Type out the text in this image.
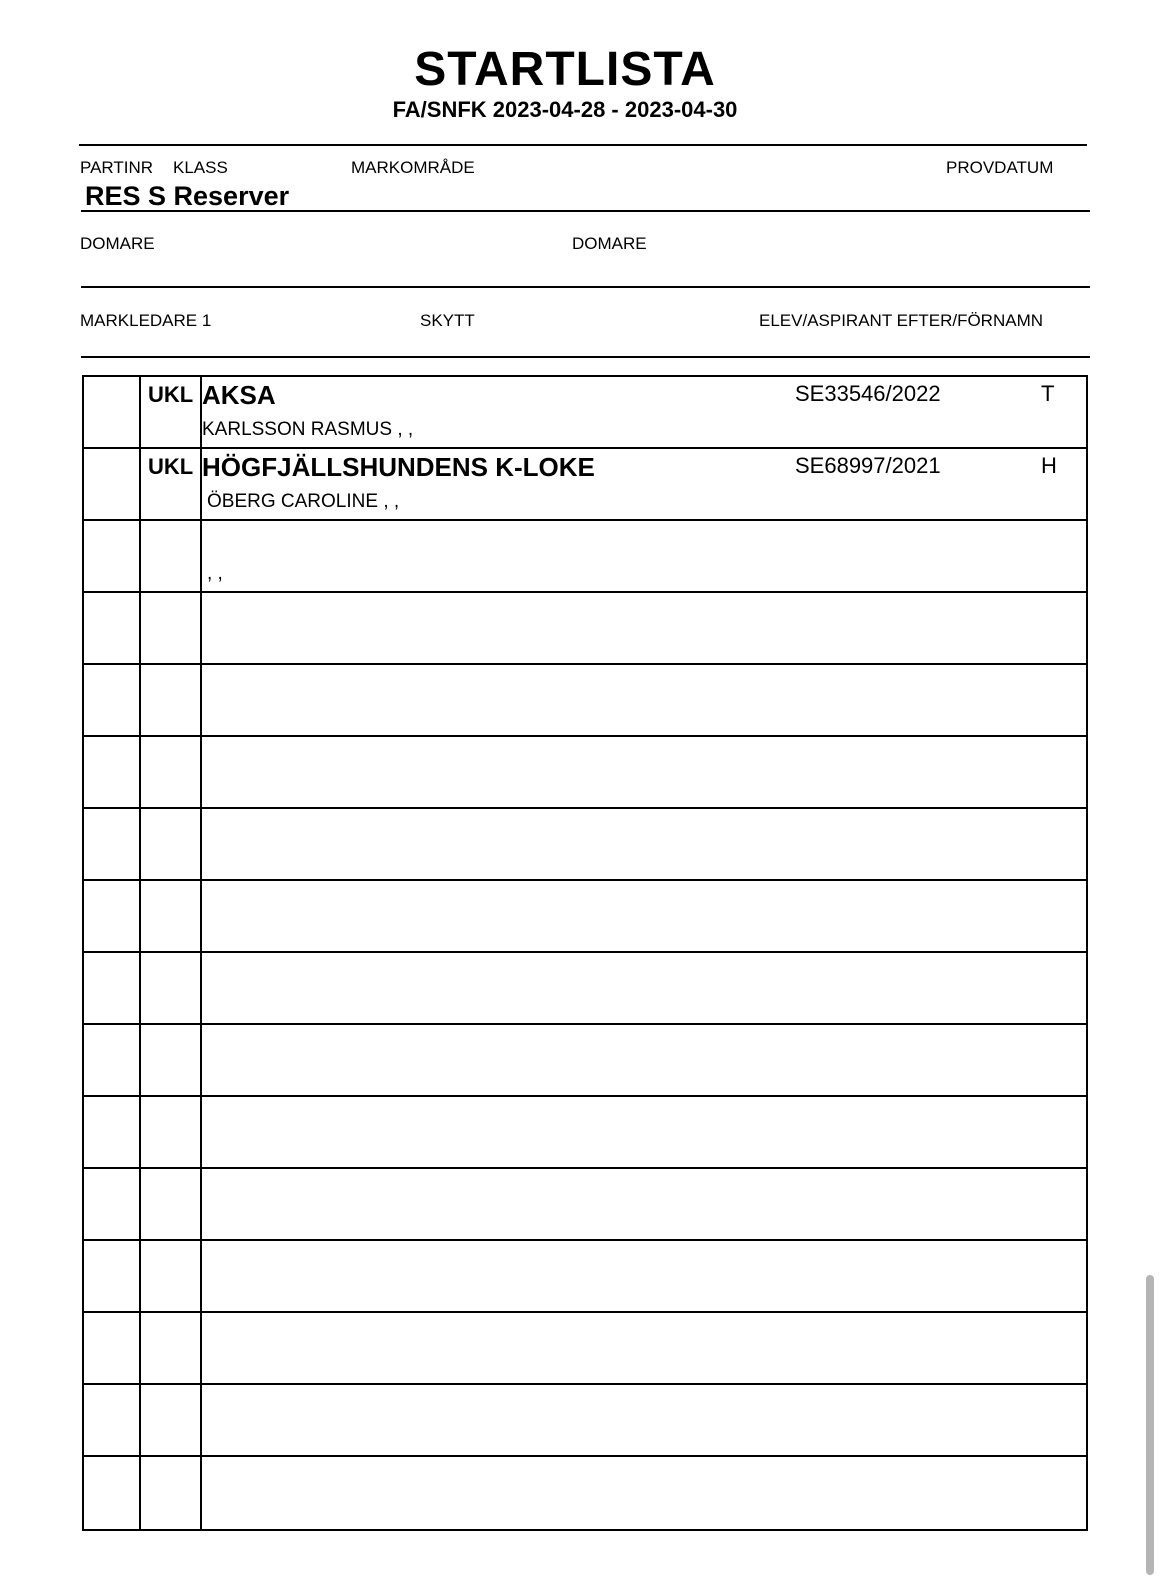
STARTLISTA
FA/SNFK 2023-04-28 - 2023-04-30
PARTINR KLASS	MARKOMRÅDE	PROVDATUM
RES S Reserver
DOMARE	DOMARE
MARKLEDARE 1	SKYTT	ELEV/ASPIRANT EFTER/FÖRNAMN
UKL AKSA	SE33546/2022	T
KARLSSON RASMUS , ,
UKL HÖGFJÄLLSHUNDENS K-LOKE	SE68997/2021	H
ÖBERG CAROLINE , ,
, ,
